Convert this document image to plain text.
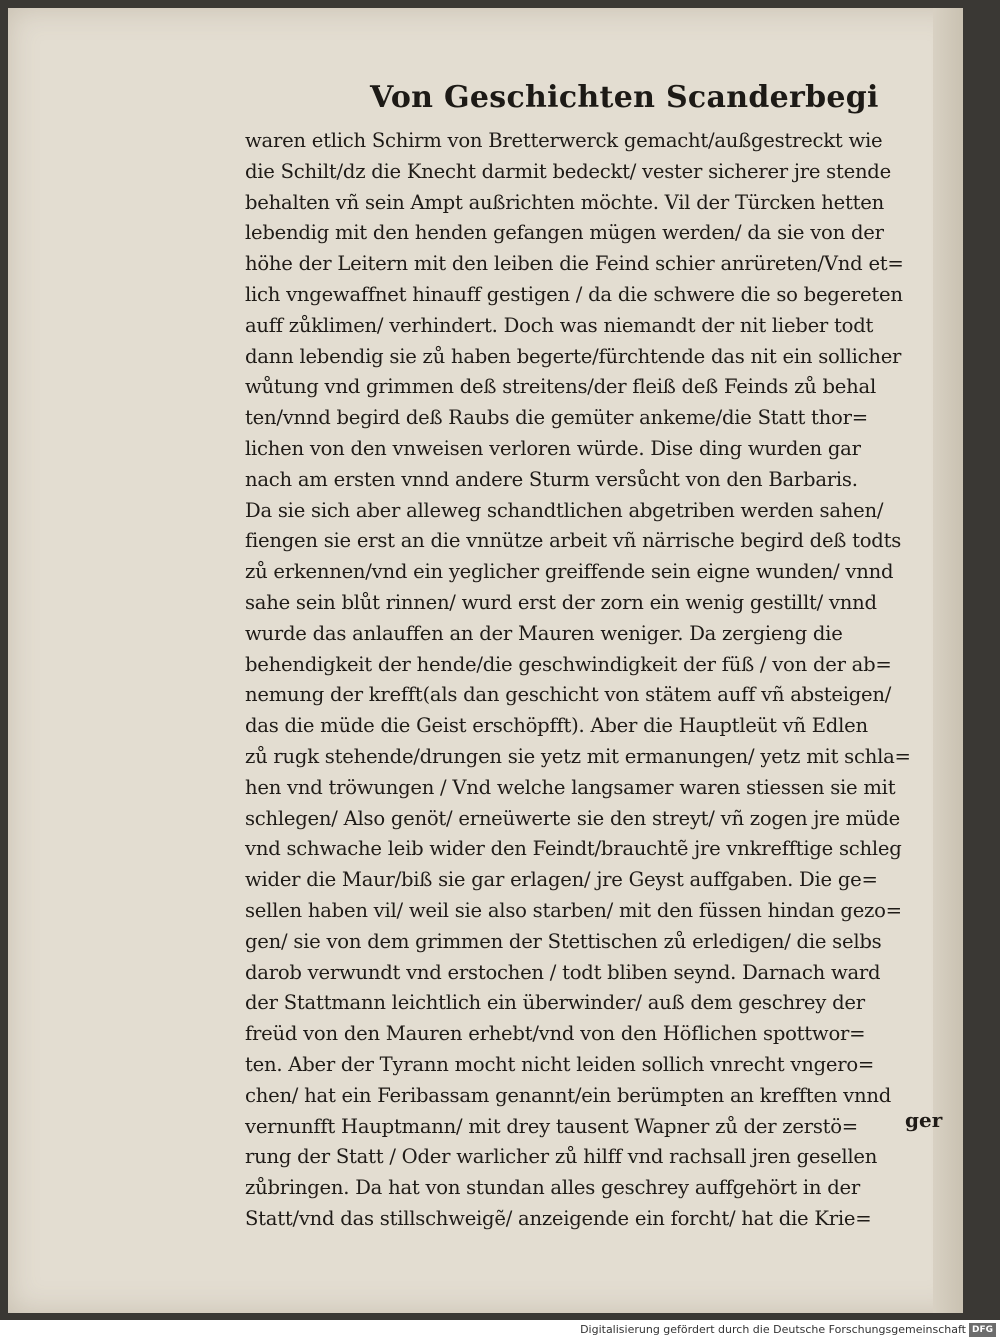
Von Geschichten Scanderbegi
waren etlich Schirm von Bretterwerck gemacht/außgestreckt wie
die Schilt/dz die Knecht darmit bedeckt/ vester sicherer jre stende
behalten vñ sein Ampt außrichten möchte. Vil der Türcken hetten
lebendig mit den henden gefangen mügen werden/ da sie von der
höhe der Leitern mit den leiben die Feind schier anrüreten/Vnd et=
lich vngewaffnet hinauff gestigen / da die schwere die so begereten
auff zůklimen/ verhindert. Doch was niemandt der nit lieber todt
dann lebendig sie zů haben begerte/fürchtende das nit ein sollicher
wůtung vnd grimmen deß streitens/der fleiß deß Feinds zů behal
ten/vnnd begird deß Raubs die gemüter ankeme/die Statt thor=
lichen von den vnweisen verloren würde. Dise ding wurden gar
nach am ersten vnnd andere Sturm versůcht von den Barbaris.
Da sie sich aber alleweg schandtlichen abgetriben werden sahen/
fiengen sie erst an die vnnütze arbeit vñ närrische begird deß todts
zů erkennen/vnd ein yeglicher greiffende sein eigne wunden/ vnnd
sahe sein blůt rinnen/ wurd erst der zorn ein wenig gestillt/ vnnd
wurde das anlauffen an der Mauren weniger. Da zergieng die
behendigkeit der hende/die geschwindigkeit der füß / von der ab=
nemung der krefft(als dan geschicht von stätem auff vñ absteigen/
das die müde die Geist erschöpfft). Aber die Hauptleüt vñ Edlen
zů rugk stehende/drungen sie yetz mit ermanungen/ yetz mit schla=
hen vnd tröwungen / Vnd welche langsamer waren stiessen sie mit
schlegen/ Also genöt/ erneüwerte sie den streyt/ vñ zogen jre müde
vnd schwache leib wider den Feindt/brauchtẽ jre vnkrefftige schleg
wider die Maur/biß sie gar erlagen/ jre Geyst auffgaben. Die ge=
sellen haben vil/ weil sie also starben/ mit den füssen hindan gezo=
gen/ sie von dem grimmen der Stettischen zů erledigen/ die selbs
darob verwundt vnd erstochen / todt bliben seynd. Darnach ward
der Stattmann leichtlich ein überwinder/ auß dem geschrey der
freüd von den Mauren erhebt/vnd von den Höflichen spottwor=
ten. Aber der Tyrann mocht nicht leiden sollich vnrecht vngero=
chen/ hat ein Feribassam genannt/ein berümpten an krefften vnnd
vernunfft Hauptmann/ mit drey tausent Wapner zů der zerstö=
rung der Statt / Oder warlicher zů hilff vnd rachsall jren gesellen
zůbringen. Da hat von stundan alles geschrey auffgehört in der
Statt/vnd das stillschweigẽ/ anzeigende ein forcht/ hat die Krie=
ger
Digitalisierung gefördert durch die Deutsche Forschungsgemeinschaft DFG
